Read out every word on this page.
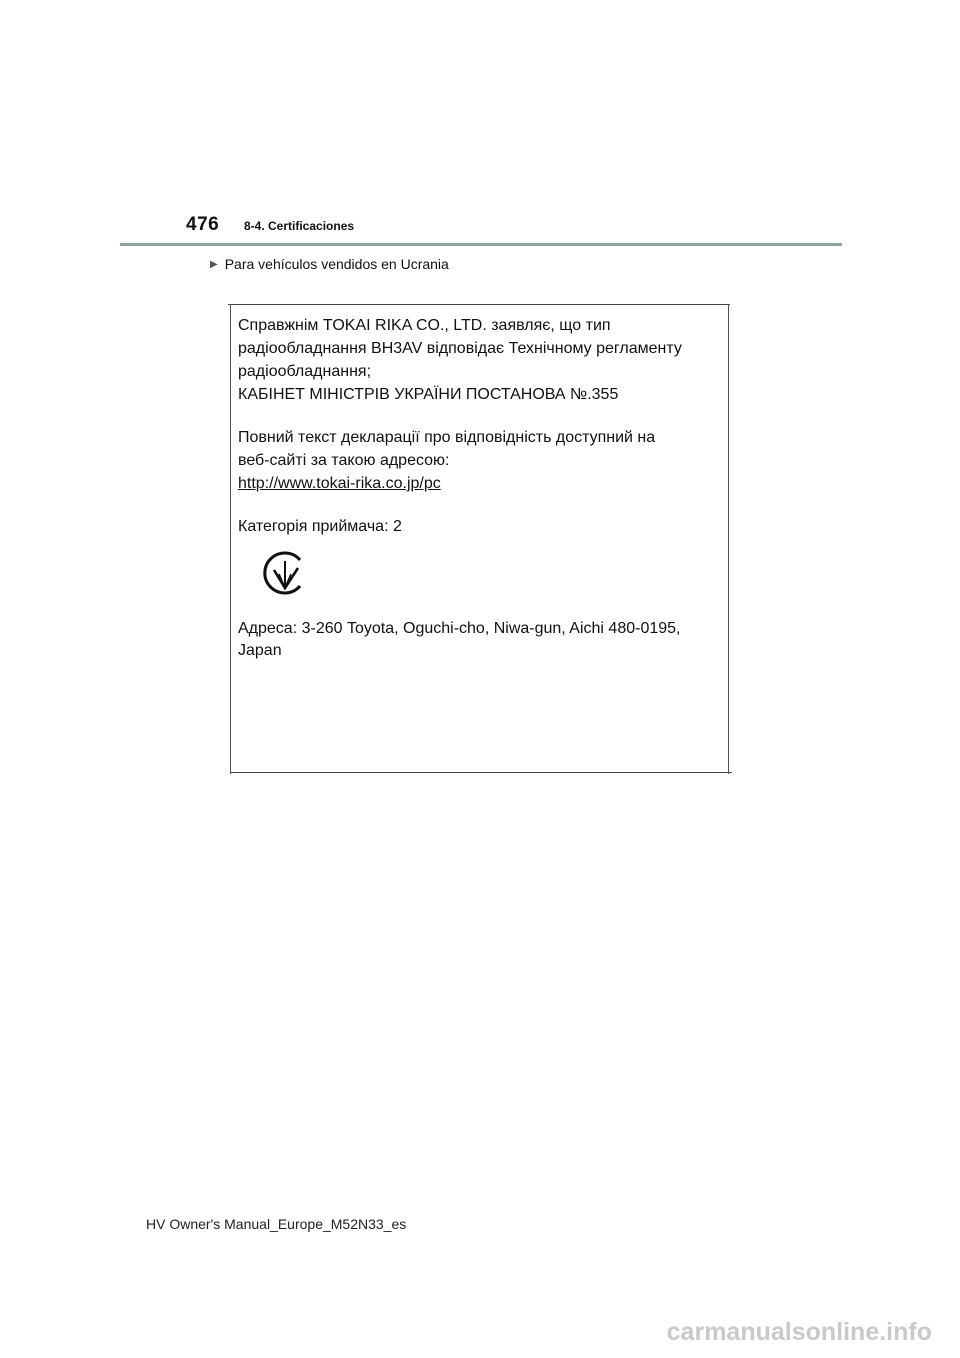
476 8-4. Certificaciones
▶ Para vehículos vendidos en Ucrania

Справжнім TOKAI RIKA CO., LTD. заявляє, що тип

радіообладнання BH3AV відповідає Технічному регламенту

радіообладнання;

КАБІНЕТ МІНІСТРІВ УКРАЇНИ ПОСТАНОВА №.355

Повний текст декларації про відповідність доступний на

веб-сайті за такою адресою:

http://www.tokai-rika.co.jp/pc

Категорія приймача: 2

Адреса: 3-260 Toyota, Oguchi-cho, Niwa-gun, Aichi 480-0195,

Japan

HV Owner's Manual_Europe_M52N33_es
carmanualsonline.info
